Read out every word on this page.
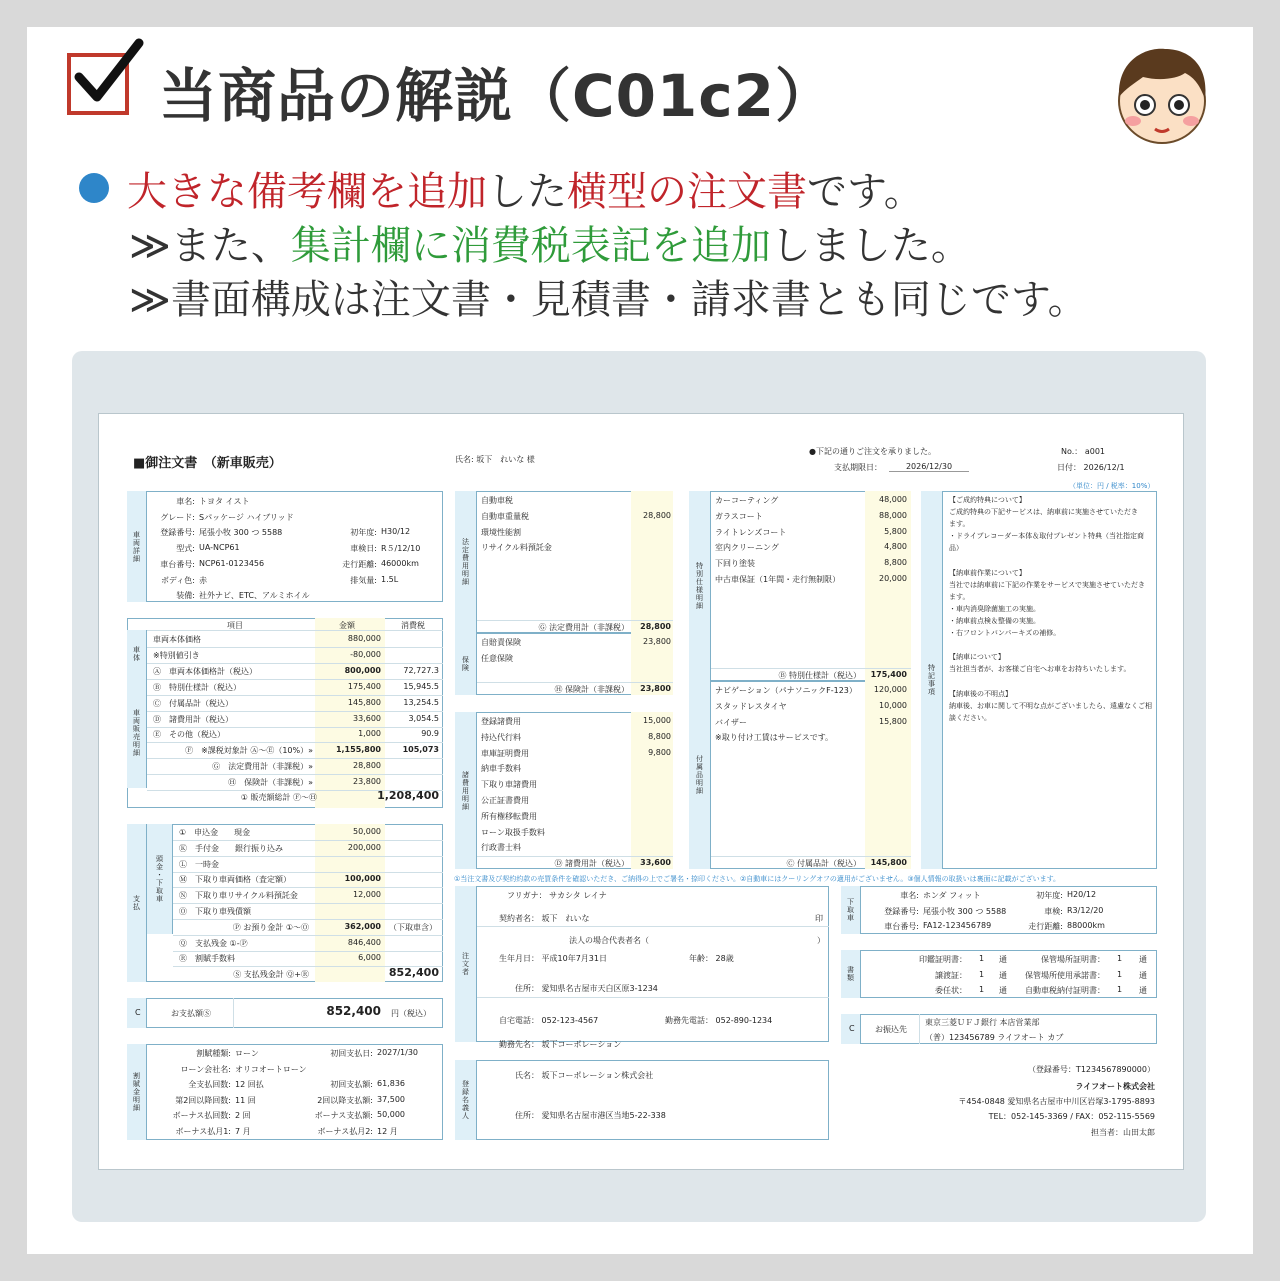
当商品の解説（C01c2）
大きな備考欄を追加した横型の注文書です。
≫また、集計欄に消費税表記を追加しました。
≫書面構成は注文書・見積書・請求書とも同じです。
■御注文書　（新車販売）	氏名: 坂下　れいな 様
●下記の通りご注文を承りました。
支払期限日：	2026/12/30
No.： a001
日付： 2026/12/1
（単位：円 / 税率：10%）
①当注文書及び契約約款の売買条件を確認いただき、ご納得の上でご署名・捺印ください。②自動車にはクーリングオフの適用がございません。③個人情報の取扱いは裏面に記載がございます。
車両詳細
車名: トヨタ イスト
グレード: Sパッケージ ハイブリッド
登録番号: 尾張小牧 300 つ 5588	初年度: H30/12
型式: UA-NCP61	車検日: R５/12/10
車台番号: NCP61-0123456	走行距離: 46000km
ボディ色: 赤	排気量: 1.5L
装備: 社外ナビ、ETC、アルミホイル
項目	金額	消費税
車体
車両販売明細
車両本体価格	880,000
※特別値引き	-80,000
Ⓐ　車両本体価格計（税込）	800,000	72,727.3
Ⓑ　特別仕様計（税込）	175,400	15,945.5
Ⓒ　付属品計（税込）	145,800	13,254.5
Ⓓ　諸費用計（税込）	33,600	3,054.5
Ⓔ　その他（税込）	1,000	90.9
Ⓕ　※課税対象計 Ⓐ～Ⓔ（10%）»	1,155,800	105,073
Ⓖ　法定費用計（非課税）»	28,800
Ⓗ　保険計（非課税）»	23,800
① 販売額総計 Ⓕ～Ⓗ	1,208,400
支払	頭金・下取車
①　申込金　　現金	50,000
Ⓚ　手付金　　銀行振り込み	200,000
Ⓛ　一時金
Ⓜ　下取り車両価格（査定額）	100,000
Ⓝ　下取り車リサイクル料預託金	12,000
Ⓞ　下取り車残債額
Ⓟ お預り金計 ①～Ⓞ	362,000 （下取車含）
Ⓠ　支払残金 ①-Ⓟ	846,400
Ⓡ　割賦手数料	6,000
Ⓢ 支払残金計 Ⓠ+Ⓡ	852,400
C	お支払額Ⓢ	852,400 円（税込）
割賦金明細
割賦種類: ローン	初回支払日: 2027/1/30
ローン会社名: オリコオートローン
全支払回数: 12 回払	初回支払額: 61,836
第2回以降回数: 11 回	2回以降支払額: 37,500
ボーナス払回数: 2 回	ボーナス支払額: 50,000
ボーナス払月1: 7 月	ボーナス払月2: 12 月
法定費用明細
自動車税
自動車重量税	28,800
環境性能割
リサイクル料預託金
Ⓖ 法定費用計（非課税）	28,800
保険
自賠責保険	23,800
任意保険
Ⓗ 保険計（非課税）	23,800
諸費用明細
登録諸費用	15,000
持込代行料	8,800
車庫証明費用	9,800
納車手数料
下取り車諸費用
公正証書費用
所有権移転費用
ローン取扱手数料
行政書士料
Ⓓ 諸費用計（税込）	33,600
特別仕様明細
カーコーティング	48,000
ガラスコート	88,000
ライトレンズコート	5,800
室内クリーニング	4,800
下回り塗装	8,800
中古車保証（1年間・走行無制限）	20,000
Ⓑ 特別仕様計（税込）	175,400
付属品明細
ナビゲーション（パナソニックF-123）	120,000
スタッドレスタイヤ	10,000
バイザー	15,800
※取り付け工賃はサービスです。
Ⓒ 付属品計（税込）	145,800
特記事項
【ご成約特典について】
ご成約特典の下記サービスは、納車前に実施させていただき
ます。
・ドライブレコーダー本体＆取付プレゼント特典（当社指定商
品）
【納車前作業について】
当社では納車前に下記の作業をサービスで実施させていただき
ます。
・車内消臭除菌施工の実施。
・納車前点検＆整備の実施。
・右フロントバンパーキズの補修。
【納車について】
当社担当者が、お客様ご自宅へお車をお持ちいたします。
【納車後の不明点】
納車後、お車に関して不明な点がございましたら、遠慮なくご相
談ください。
注文者
フリガナ： サカシタ レイナ
契約者名： 坂下　れいな	印
法人の場合代表者名（　　　　　　　　　　　　　　　　　　　　　）
生年月日： 平成10年7月31日	年齢： 28歳
住所： 愛知県名古屋市天白区原3-1234
自宅電話： 052-123-4567	勤務先電話： 052-890-1234
勤務先名： 坂下コーポレーション
登録名義人
氏名： 坂下コーポレーション株式会社
住所： 愛知県名古屋市港区当地5-22-338
下取車
車名: ホンダ フィット	初年度: H20/12
登録番号: 尾張小牧 300 つ 5588	車検: R3/12/20
車台番号: FA12-123456789	走行距離: 88000km
書類
印鑑証明書： 1 通	保管場所証明書： 1 通
譲渡証： 1 通	保管場所使用承諾書： 1 通
委任状： 1 通	自動車税納付証明書： 1 通
C	お振込先
東京三菱ＵＦＪ銀行 本店営業部
（普）123456789 ライフオート カブ
（登録番号：T1234567890000）
ライフオート株式会社
〒454-0848 愛知県名古屋市中川区岩塚3-1795-8893
TEL：052-145-3369 / FAX：052-115-5569
担当者：山田太郎
